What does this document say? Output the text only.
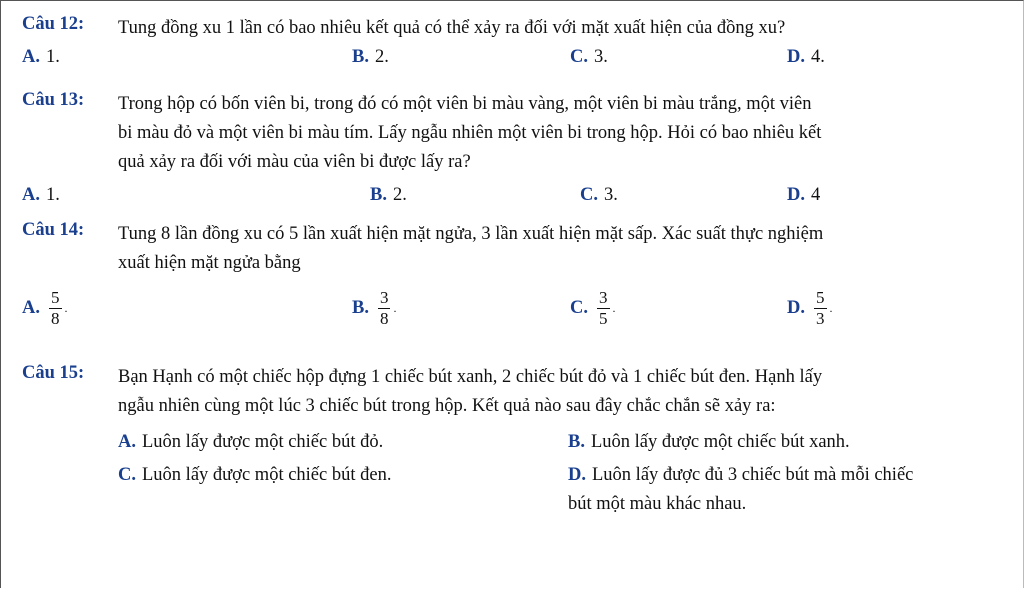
Câu 12: Tung đồng xu 1 lần có bao nhiêu kết quả có thể xảy ra đối với mặt xuất hiện của đồng xu?
A. 1.	B. 2.	C. 3.	D. 4.
Câu 13: Trong hộp có bốn viên bi, trong đó có một viên bi màu vàng, một viên bi màu trắng, một viên
bi màu đỏ và một viên bi màu tím. Lấy ngẫu nhiên một viên bi trong hộp. Hỏi có bao nhiêu kết
quả xảy ra đối với màu của viên bi được lấy ra?
A. 1.	B. 2.	C. 3.	D. 4
Câu 14: Tung 8 lần đồng xu có 5 lần xuất hiện mặt ngửa, 3 lần xuất hiện mặt sấp. Xác suất thực nghiệm
xuất hiện mặt ngửa bằng
A. $\frac{5}{8}$ .	B. $\frac{3}{8}$ .	C. $\frac{3}{5}$ .	D. $\frac{5}{3}$ .
Câu 15: Bạn Hạnh có một chiếc hộp đựng 1 chiếc bút xanh, 2 chiếc bút đỏ và 1 chiếc bút đen. Hạnh lấy
ngẫu nhiên cùng một lúc 3 chiếc bút trong hộp. Kết quả nào sau đây chắc chắn sẽ xảy ra:
A. Luôn lấy được một chiếc bút đỏ.	B. Luôn lấy được một chiếc bút xanh.
C. Luôn lấy được một chiếc bút đen.	D. Luôn lấy được đủ 3 chiếc bút mà mỗi chiếc
bút một màu khác nhau.
